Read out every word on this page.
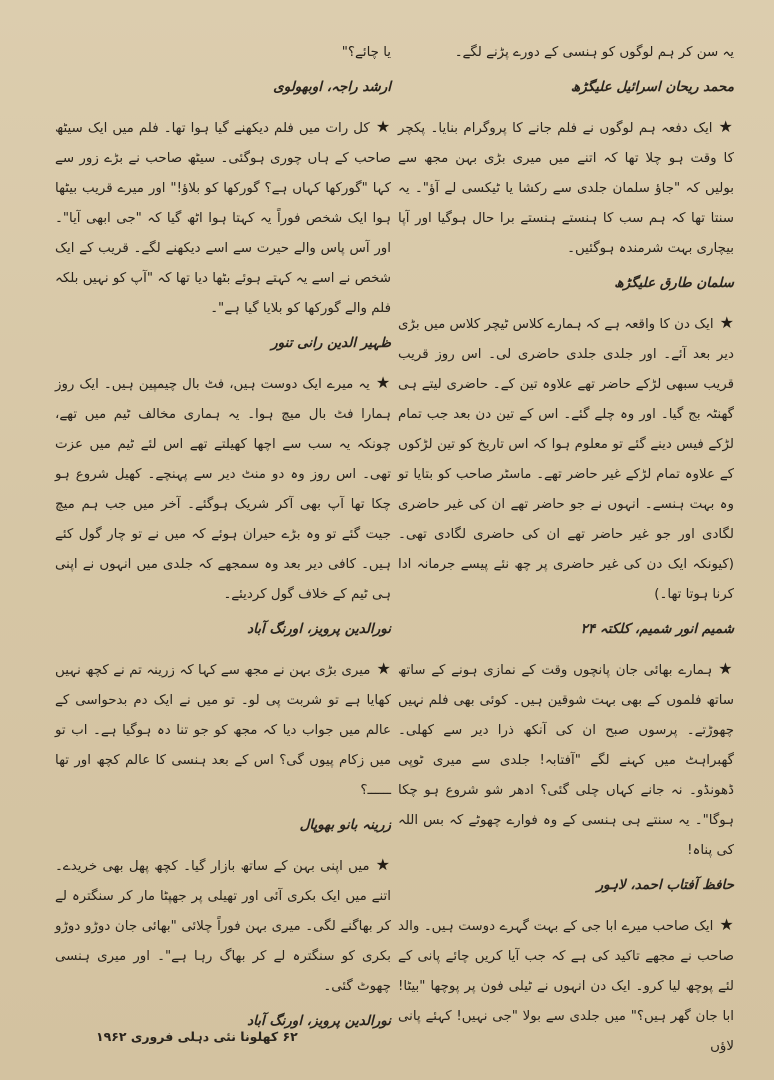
یہ سن کر ہم لوگوں کو ہنسی کے دورے پڑنے لگے۔

محمد ریحان اسرائیل علیگڑھ

★ایک دفعہ ہم لوگوں نے فلم جانے کا پروگرام بنایا۔ پکچر کا وقت ہو چلا تھا کہ اتنے میں میری بڑی بہن مجھ سے بولیں کہ "جاؤ سلمان جلدی سے رکشا یا ٹیکسی لے آؤ"۔ یہ سنتا تھا کہ ہم سب کا ہنستے ہنستے برا حال ہوگیا اور آپا بیچاری بہت شرمندہ ہوگئیں۔

سلمان طارق علیگڑھ

★ایک دن کا واقعہ ہے کہ ہمارے کلاس ٹیچر کلاس میں بڑی دیر بعد آئے۔ اور جلدی جلدی حاضری لی۔ اس روز قریب قریب سبھی لڑکے حاضر تھے علاوہ تین کے۔ حاضری لیتے ہی گھنٹہ بج گیا۔ اور وہ چلے گئے۔ اس کے تین دن بعد جب تمام لڑکے فیس دینے گئے تو معلوم ہوا کہ اس تاریخ کو تین لڑکوں کے علاوہ تمام لڑکے غیر حاضر تھے۔ ماسٹر صاحب کو بتایا تو وہ بہت ہنسے۔ انہوں نے جو حاضر تھے ان کی غیر حاضری لگادی اور جو غیر حاضر تھے ان کی حاضری لگادی تھی۔ (کیونکہ ایک دن کی غیر حاضری پر چھ نئے پیسے جرمانہ ادا کرنا ہوتا تھا۔)

شمیم انور شمیم، کلکتہ ۲۴

★ہمارے بھائی جان پانچوں وقت کے نمازی ہونے کے ساتھ ساتھ فلموں کے بھی بہت شوقین ہیں۔ کوئی بھی فلم نہیں چھوڑتے۔ پرسوں صبح ان کی آنکھ ذرا دیر سے کھلی۔ گھبراہٹ میں کہنے لگے "آفتابہ! جلدی سے میری ٹوپی ڈھونڈو۔ نہ جانے کہاں چلی گئی؟ ادھر شو شروع ہو چکا ہوگا"۔ یہ سنتے ہی ہنسی کے وہ فوارے چھوٹے کہ بس اللہ کی پناہ!

حافظ آفتاب احمد، لاہور

★ایک صاحب میرے ابا جی کے بہت گہرے دوست ہیں۔ والد صاحب نے مجھے تاکید کی ہے کہ جب آیا کریں چائے پانی کے لئے پوچھ لیا کرو۔ ایک دن انہوں نے ٹیلی فون پر پوچھا "بیٹا! ابا جان گھر ہیں؟" میں جلدی سے بولا "جی نہیں! کہئے پانی لاؤں

یا چائے؟"

ارشد راجہ، اوبھولوی

★کل رات میں فلم دیکھنے گیا ہوا تھا۔ فلم میں ایک سیٹھ صاحب کے ہاں چوری ہوگئی۔ سیٹھ صاحب نے بڑے زور سے کہا "گورکھا کہاں ہے؟ گورکھا کو بلاؤ!" اور میرے قریب بیٹھا ہوا ایک شخص فوراً یہ کہتا ہوا اٹھ گیا کہ "جی ابھی آیا"۔ اور آس پاس والے حیرت سے اسے دیکھنے لگے۔ قریب کے ایک شخص نے اسے یہ کہتے ہوئے بٹھا دیا تھا کہ "آپ کو نہیں بلکہ فلم والے گورکھا کو بلایا گیا ہے"۔

ظہیر الدین رانی تنور

★یہ میرے ایک دوست ہیں، فٹ بال چیمپین ہیں۔ ایک روز ہمارا فٹ بال میچ ہوا۔ یہ ہماری مخالف ٹیم میں تھے، چونکہ یہ سب سے اچھا کھیلتے تھے اس لئے ٹیم میں عزت تھی۔ اس روز وہ دو منٹ دیر سے پہنچے۔ کھیل شروع ہو چکا تھا آپ بھی آکر شریک ہوگئے۔ آخر میں جب ہم میچ جیت گئے تو وہ بڑے حیران ہوئے کہ میں نے تو چار گول کئے ہیں۔ کافی دیر بعد وہ سمجھے کہ جلدی میں انہوں نے اپنی ہی ٹیم کے خلاف گول کردیئے۔

نورالدین پرویز، اورنگ آباد

★میری بڑی بہن نے مجھ سے کہا کہ زرینہ تم نے کچھ نہیں کھایا ہے تو شربت پی لو۔ تو میں نے ایک دم بدحواسی کے عالم میں جواب دیا کہ مجھ کو جو تنا دہ ہوگیا ہے۔ اب تو میں زکام پیوں گی؟ اس کے بعد ہنسی کا عالم کچھ اور تھا ــــــ؟

زرینہ بانو بھوپال

★میں اپنی بہن کے ساتھ بازار گیا۔ کچھ پھل بھی خریدے۔ اتنے میں ایک بکری آئی اور تھیلی پر جھپٹا مار کر سنگترہ لے کر بھاگنے لگی۔ میری بہن فوراً چلائی "بھائی جان دوڑو دوڑو بکری کو سنگترہ لے کر بھاگ رہا ہے"۔ اور میری ہنسی چھوٹ گئی۔

نورالدین پرویز، اورنگ آباد

۶۲ کھلونا نئی دہلی فروری ۱۹۶۲
